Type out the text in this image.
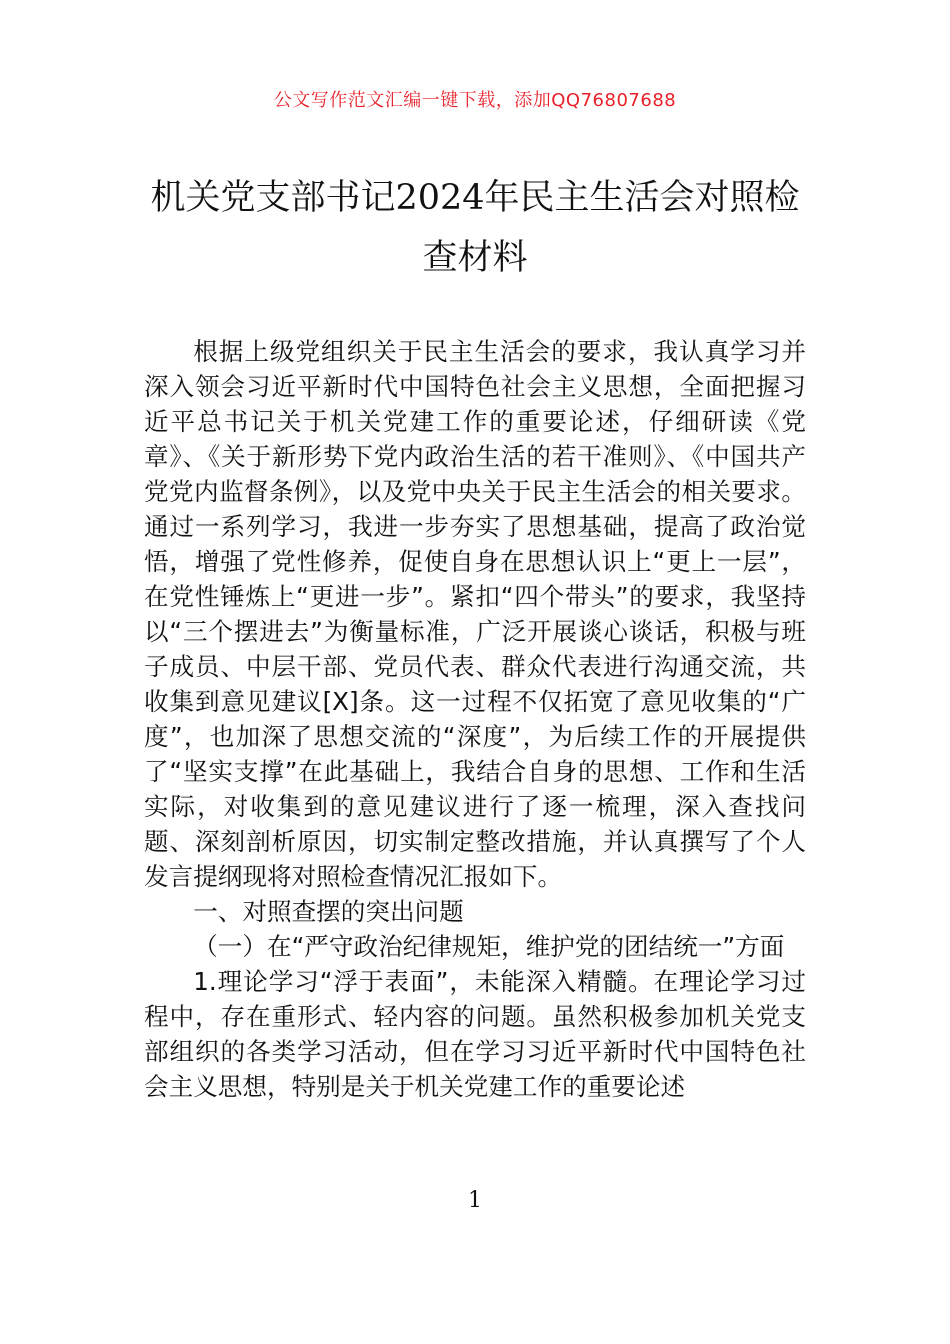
公文写作范文汇编一键下载，添加QQ76807688
机关党支部书记2024年民主生活会对照检查材料

根据上级党组织关于民主生活会的要求，我认真学习并深入领会习近平新时代中国特色社会主义思想，全面把握习近平总书记关于机关党建工作的重要论述，仔细研读《党章》、《关于新形势下党内政治生活的若干准则》、《中国共产党党内监督条例》，以及党中央关于民主生活会的相关要求。通过一系列学习，我进一步夯实了思想基础，提高了政治觉悟，增强了党性修养，促使自身在思想认识上“更上一层”，在党性锤炼上“更进一步”。紧扣“四个带头”的要求，我坚持以“三个摆进去”为衡量标准，广泛开展谈心谈话，积极与班子成员、中层干部、党员代表、群众代表进行沟通交流，共收集到意见建议[X]条。这一过程不仅拓宽了意见收集的“广度”，也加深了思想交流的“深度”，为后续工作的开展提供了“坚实支撑”在此基础上，我结合自身的思想、工作和生活实际，对收集到的意见建议进行了逐一梳理，深入查找问题、深刻剖析原因，切实制定整改措施，并认真撰写了个人发言提纲现将对照检查情况汇报如下。

一、对照查摆的突出问题

（一）在“严守政治纪律规矩，维护党的团结统一”方面

1.理论学习“浮于表面”，未能深入精髓。在理论学习过程中，存在重形式、轻内容的问题。虽然积极参加机关党支部组织的各类学习活动，但在学习习近平新时代中国特色社会主义思想，特别是关于机关党建工作的重要论述

1
